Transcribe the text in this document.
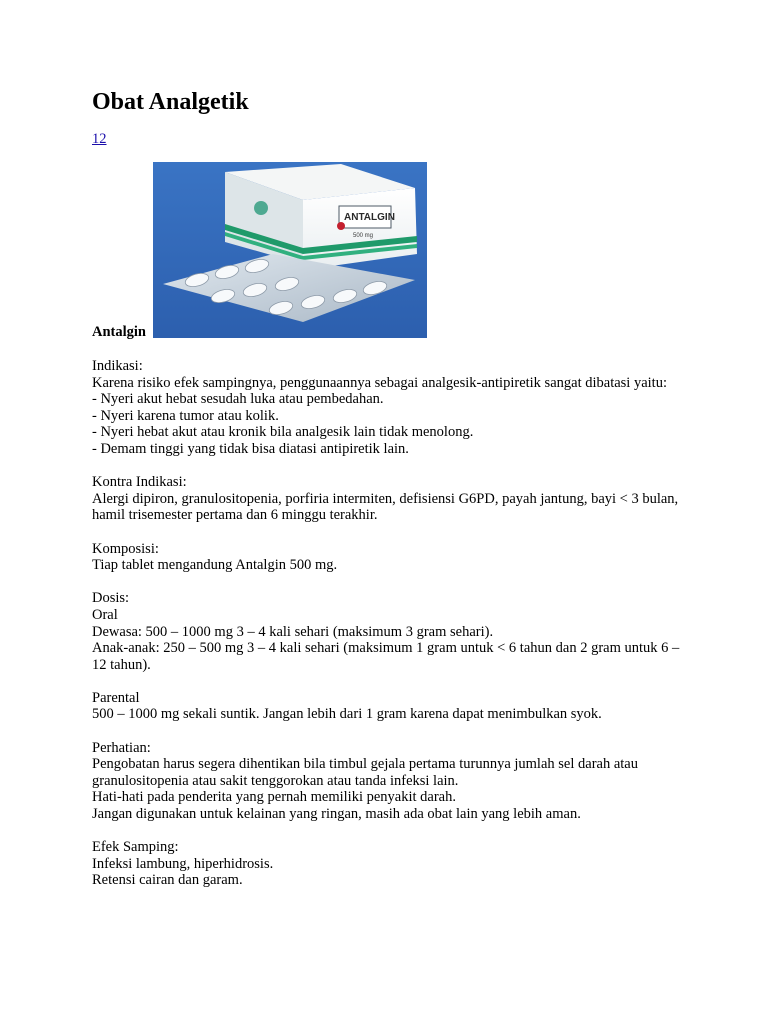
Obat Analgetik
12
Antalgin
ANTALGIN
500 mg
Indikasi:
Karena risiko efek sampingnya, penggunaannya sebagai analgesik-antipiretik sangat dibatasi yaitu:
- Nyeri akut hebat sesudah luka atau pembedahan.
- Nyeri karena tumor atau kolik.
- Nyeri hebat akut atau kronik bila analgesik lain tidak menolong.
- Demam tinggi yang tidak bisa diatasi antipiretik lain.
Kontra Indikasi:
Alergi dipiron, granulositopenia, porfiria intermiten, defisiensi G6PD, payah jantung, bayi < 3 bulan, hamil trisemester pertama dan 6 minggu terakhir.
Komposisi:
Tiap tablet mengandung Antalgin 500 mg.
Dosis:
Oral
Dewasa: 500 – 1000 mg 3 – 4 kali sehari (maksimum 3 gram sehari).
Anak-anak: 250 – 500 mg 3 – 4 kali sehari (maksimum 1 gram untuk < 6 tahun dan 2 gram untuk 6 – 12 tahun).
Parental
500 – 1000 mg sekali suntik. Jangan lebih dari 1 gram karena dapat menimbulkan syok.
Perhatian:
Pengobatan harus segera dihentikan bila timbul gejala pertama turunnya jumlah sel darah atau granulositopenia atau sakit tenggorokan atau tanda infeksi lain.
Hati-hati pada penderita yang pernah memiliki penyakit darah.
Jangan digunakan untuk kelainan yang ringan, masih ada obat lain yang lebih aman.
Efek Samping:
Infeksi lambung, hiperhidrosis.
Retensi cairan dan garam.
